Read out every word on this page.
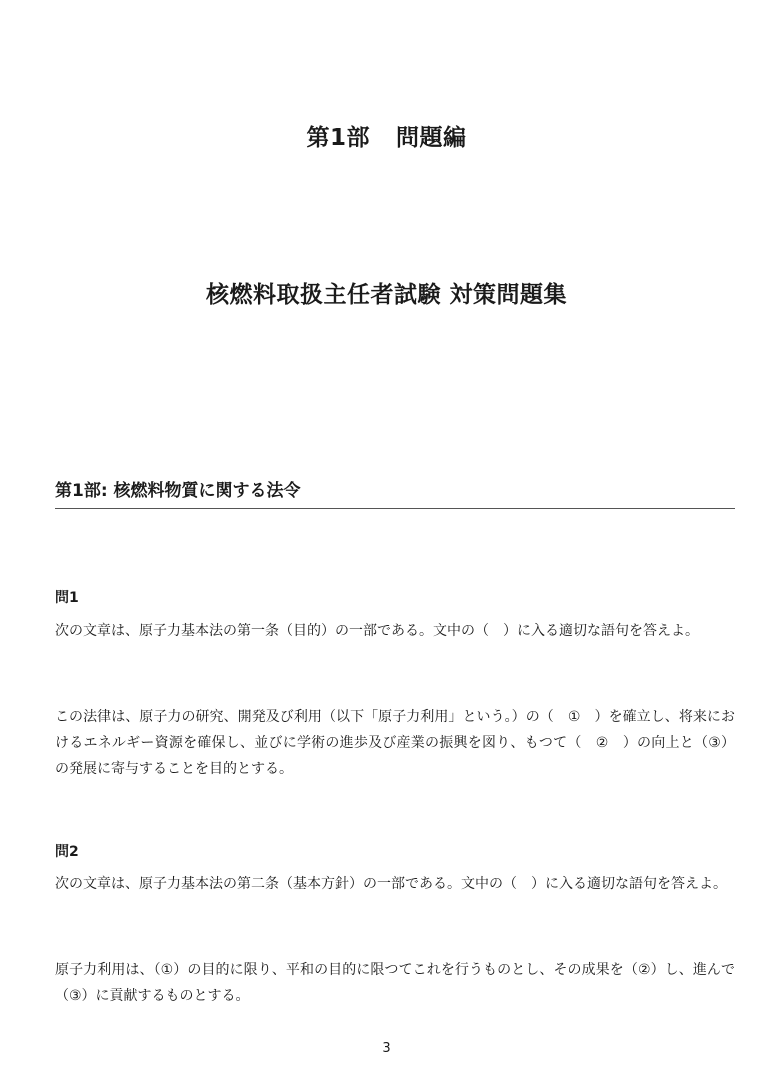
第1部 問題編
核燃料取扱主任者試験 対策問題集
第1部: 核燃料物質に関する法令
問1
次の文章は、原子力基本法の第一条（目的）の一部である。文中の（　）に入る適切な語句を答えよ。
この法律は、原子力の研究、開発及び利用（以下「原子力利用」という。）の（　①　）を確立し、将来におけるエネルギー資源を確保し、並びに学術の進歩及び産業の振興を図り、もつて（　②　）の向上と（③）の発展に寄与することを目的とする。
問2
次の文章は、原子力基本法の第二条（基本方針）の一部である。文中の（　）に入る適切な語句を答えよ。
原子力利用は、（①）の目的に限り、平和の目的に限つてこれを行うものとし、その成果を（②）し、進んで（③）に貢献するものとする。
3
